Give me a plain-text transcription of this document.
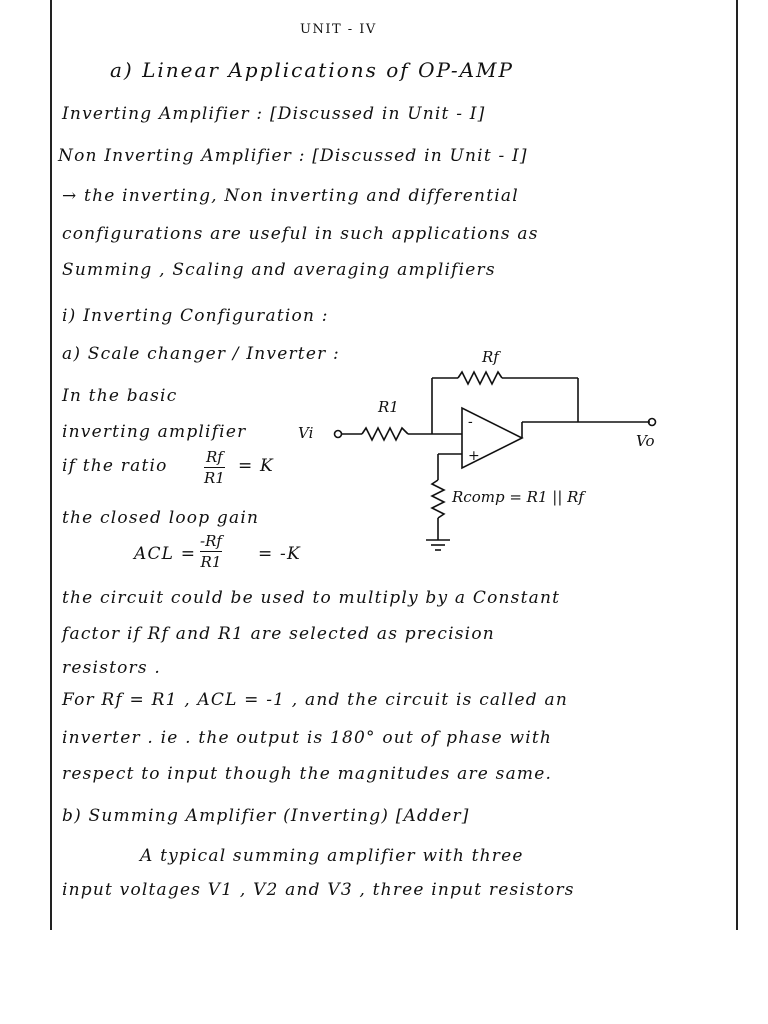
UNIT - IV
a) Linear Applications of OP-AMP
Inverting Amplifier : [Discussed in Unit - I]
Non Inverting Amplifier : [Discussed in Unit - I]
→ the inverting, Non inverting and differential
configurations are useful in such applications as
Summing , Scaling and averaging amplifiers
i) Inverting Configuration :
a) Scale changer / Inverter :
In the basic
inverting amplifier
if the ratio	Rf
R1
= K
the closed loop gain
ACL =
-Rf
R1 = -K
the circuit could be used to multiply by a Constant
factor if Rf and R1 are selected as precision
resistors .
For Rf = R1 , ACL = -1 , and the circuit is called an
inverter . ie . the output is 180° out of phase with
respect to input though the magnitudes are same.
b) Summing Amplifier (Inverting) [Adder]
A typical summing amplifier with three
input voltages V1 , V2 and V3 , three input resistors
Rf
R1
Vi	Vo
-
+
Rcomp = R1 || Rf
